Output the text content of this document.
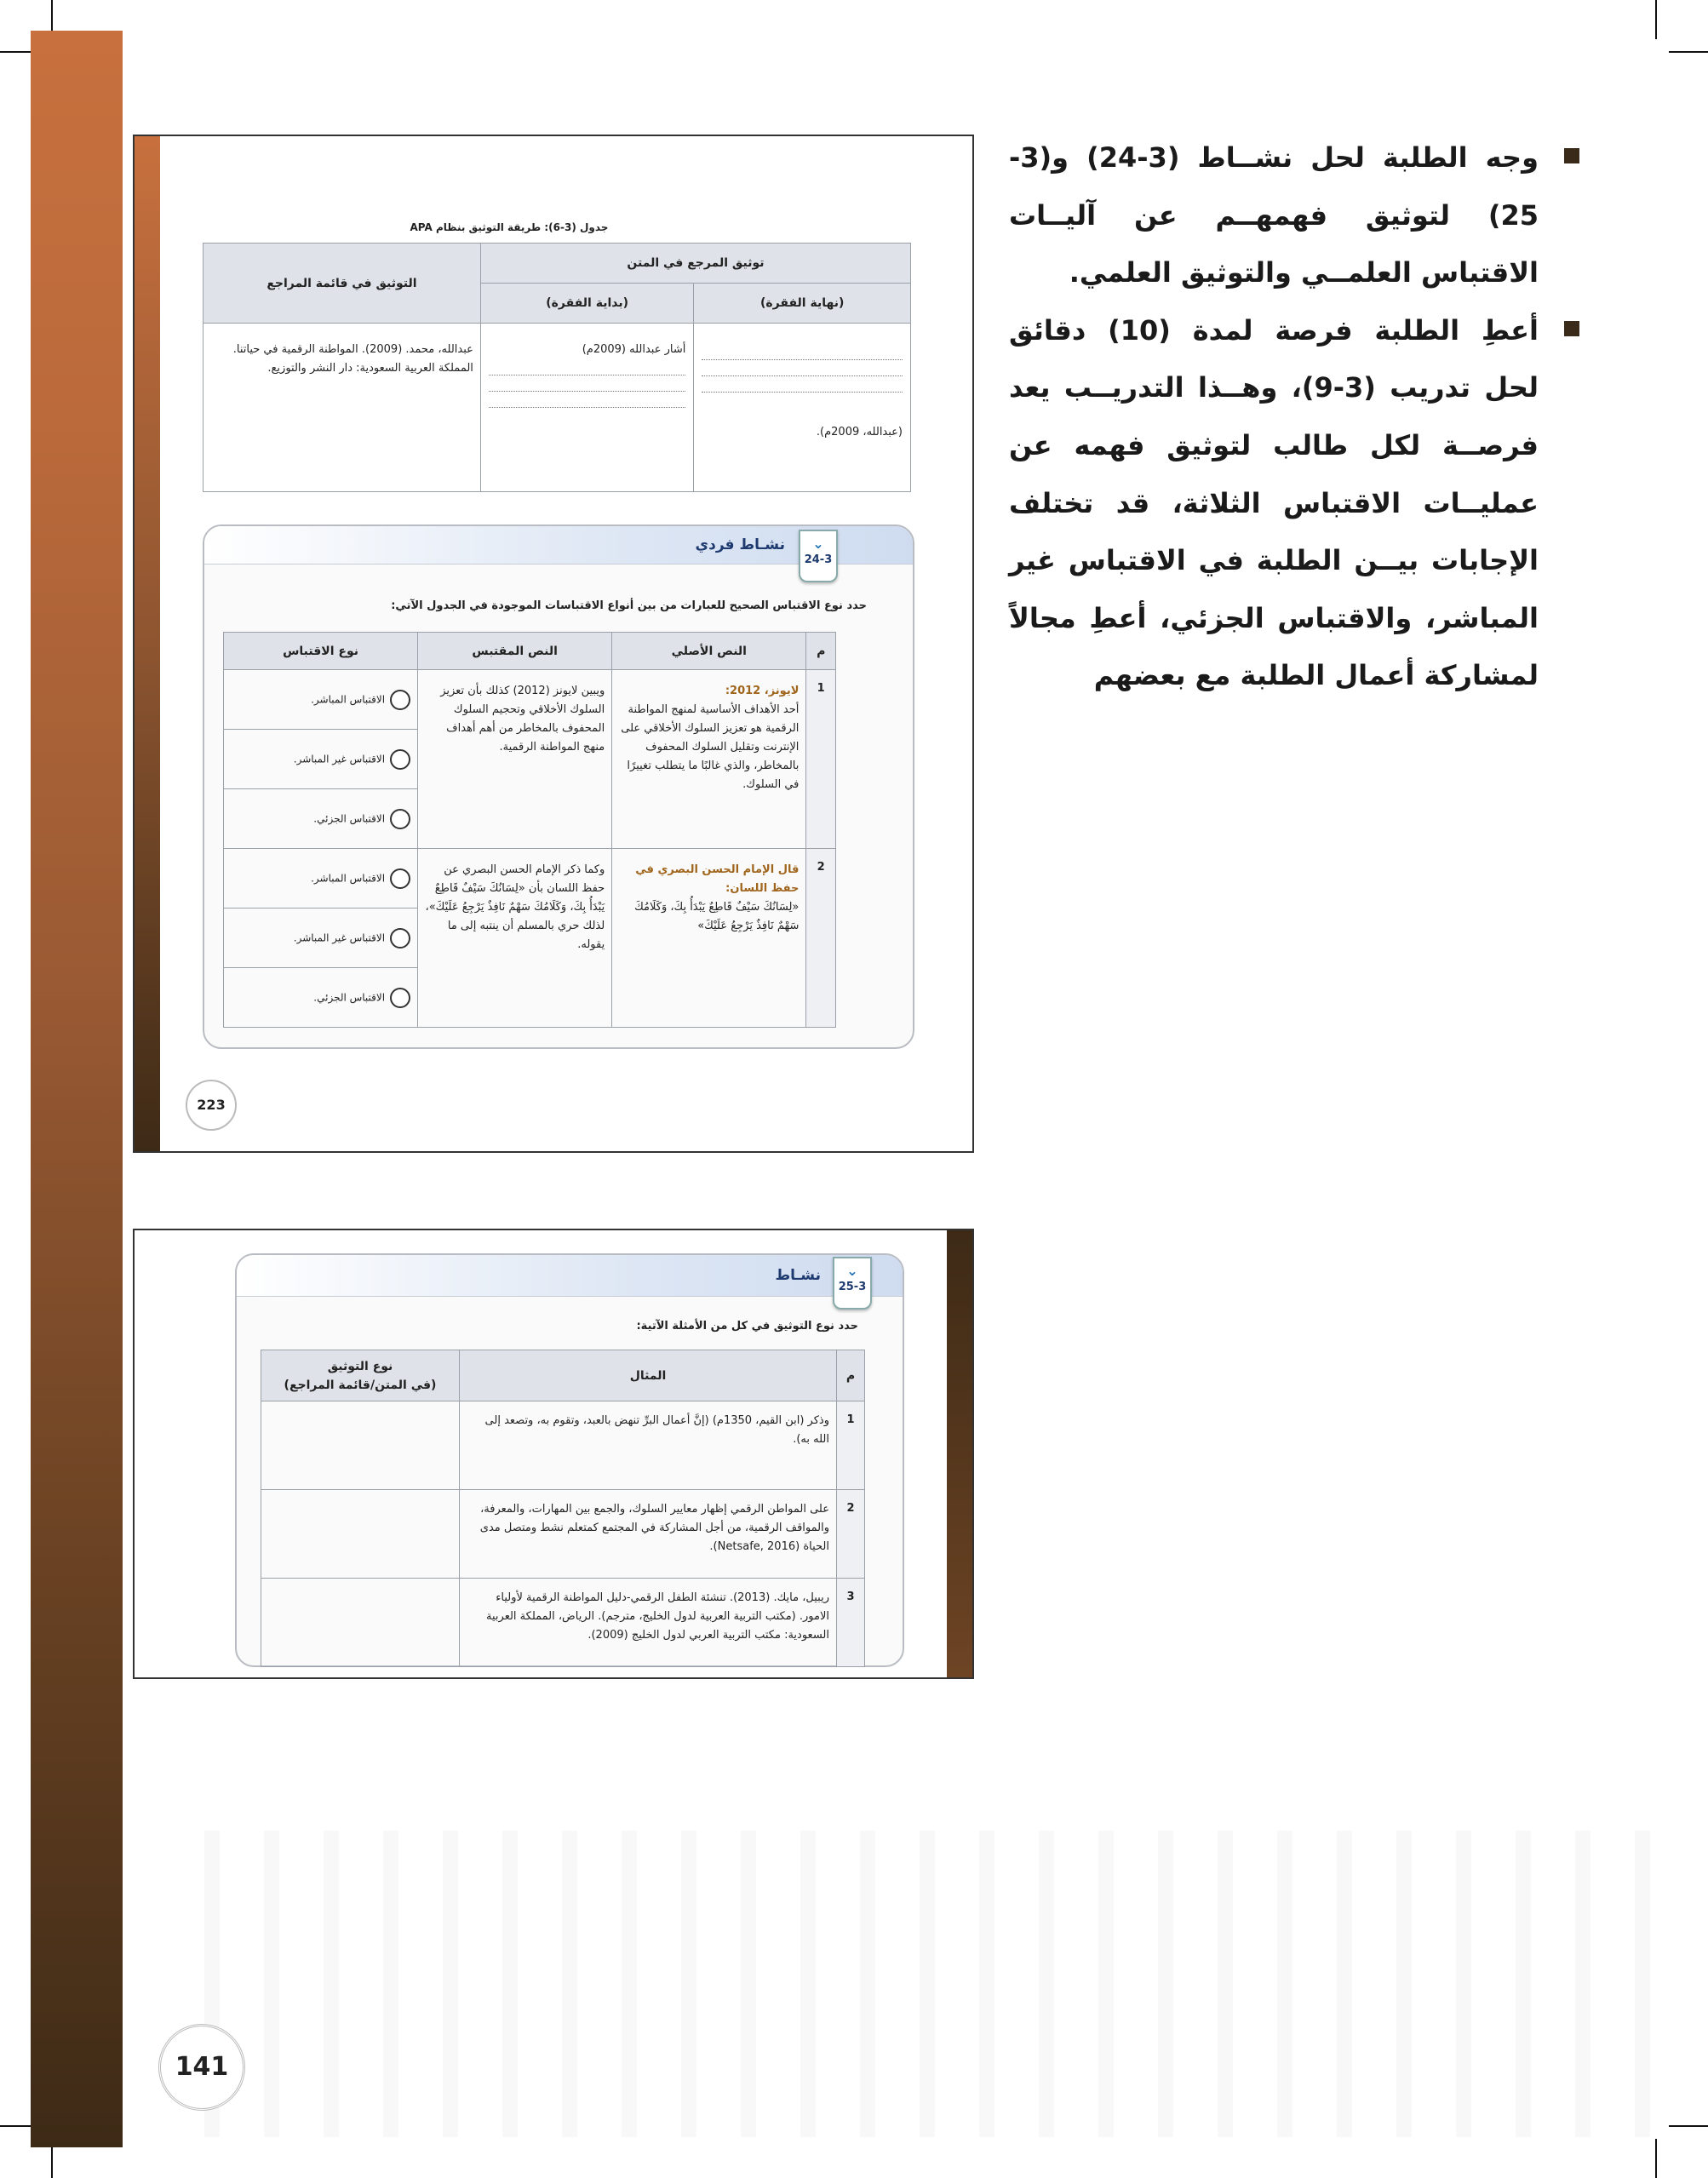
وجه الطلبة لحل نشــاط (3-24) و(3-25) لتوثيق فهمهــم عن آليــات الاقتباس العلمــي والتوثيق العلمي.
أعطِ الطلبة فرصة لمدة (10) دقائق لحل تدريب (3-9)، وهــذا التدريــب يعد فرصــة لكل طالب لتوثيق فهمه عن عمليــات الاقتباس الثلاثة، قد تختلف الإجابات بيــن الطلبة في الاقتباس غير المباشر، والاقتباس الجزئي، أعطِ مجالاً لمشاركة أعمال الطلبة مع بعضهم
جدول (3-6): طريقة التوثيق بنظام APA
توثيق المرجع في المتن		التوثيق في قائمة المراجع
(نهاية الفقرة)	(بداية الفقرة)	

(عبدالله، 2009م).	أشار عبدالله (2009م)	عبدالله، محمد. (2009). المواطنة الرقمية في حياتنا. المملكة العربية السعودية: دار النشر والتوزيع.
⌄
24-3
نشـاط فردي
حدد نوع الاقتباس الصحيح للعبارات من بين أنواع الاقتباسات الموجودة في الجدول الآتي:
م	النص الأصلي	النص المقتبس	نوع الاقتباس
1	لايونز، 2012:
أحد الأهداف الأساسية لمنهج المواطنة الرقمية هو تعزيز السلوك الأخلاقي على الإنترنت وتقليل السلوك المحفوف بالمخاطر، والذي غالبًا ما يتطلب تغييرًا في السلوك.	ويبين لايونز (2012) كذلك بأن تعزيز السلوك الأخلاقي وتحجيم السلوك المحفوف بالمخاطر من أهم أهداف منهج المواطنة الرقمية.	الاقتباس المباشر.
			الاقتباس غير المباشر.
			الاقتباس الجزئي.
2	قال الإمام الحسن البصري في حفظ اللسان:
«لِسَانُكَ سَيْفٌ قَاطِعٌ يَبْدَأُ بِكَ، وَكَلَامُكَ سَهْمٌ نَافِذٌ يَرْجِعُ عَلَيْكَ»	وكما ذكر الإمام الحسن البصري عن حفظ اللسان بأن «لِسَانُكَ سَيْفٌ قَاطِعٌ يَبْدَأُ بِكَ، وَكَلَامُكَ سَهْمٌ نَافِذٌ يَرْجِعُ عَلَيْكَ»، لذلك حري بالمسلم أن ينتبه إلى ما يقوله.	الاقتباس المباشر.
			الاقتباس غير المباشر.
			الاقتباس الجزئي.
223
⌄
25-3
نشـاط
حدد نوع التوثيق في كل من الأمثلة الآتية:
م	المثال	نوع التوثيق
(في المتن/قائمة المراجع)

1	وذكر (ابن القيم، 1350م) (إنَّ أعمال البرِّ تنهض بالعبد، وتقوم به، وتصعد إلى الله به).	

2	على المواطن الرقمي إظهار معايير السلوك، والجمع بين المهارات، والمعرفة، والمواقف الرقمية، من أجل المشاركة في المجتمع كمتعلم نشط ومتصل مدى الحياة (Netsafe, 2016).	

3	ريبيل، مايك. (2013). تنشئة الطفل الرقمي-دليل المواطنة الرقمية لأولياء الامور. (مكتب التربية العربية لدول الخليج، مترجم). الرياض، المملكة العربية السعودية: مكتب التربية العربي لدول الخليج (2009).	

141
